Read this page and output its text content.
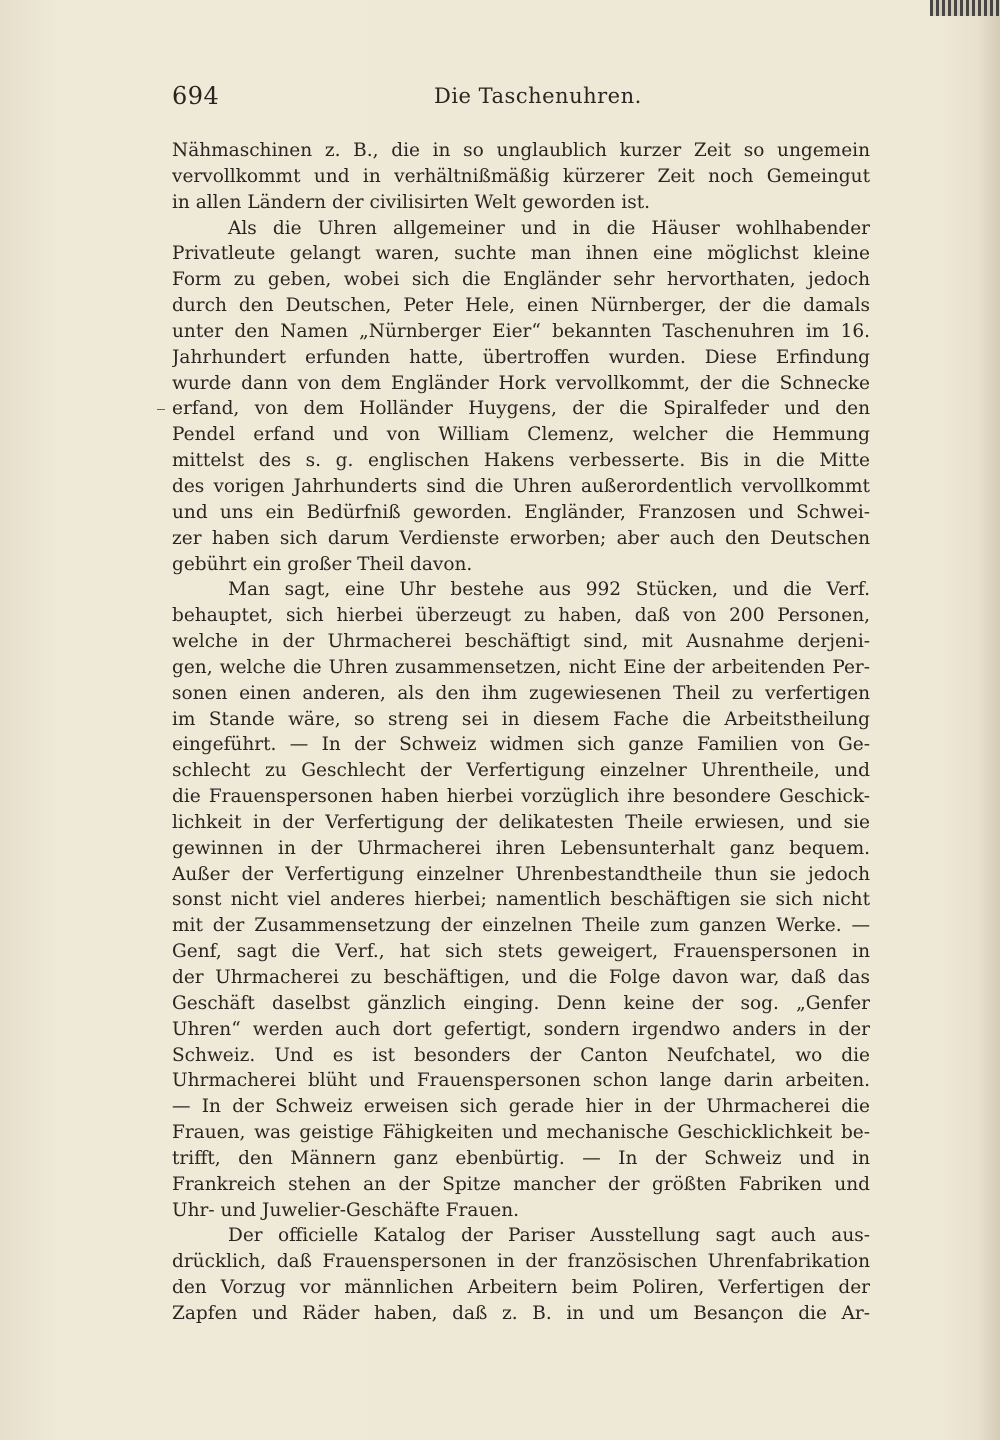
694	Die Taschenuhren.
Nähmaschinen z. B., die in so unglaublich kurzer Zeit so ungemein
vervollkommt und in verhältnißmäßig kürzerer Zeit noch Gemeingut
in allen Ländern der civilisirten Welt geworden ist.
Als die Uhren allgemeiner und in die Häuser wohlhabender
Privatleute gelangt waren, suchte man ihnen eine möglichst kleine
Form zu geben, wobei sich die Engländer sehr hervorthaten, jedoch
durch den Deutschen, Peter Hele, einen Nürnberger, der die damals
unter den Namen „Nürnberger Eier“ bekannten Taschenuhren im 16.
Jahrhundert erfunden hatte, übertroffen wurden. Diese Erfindung
wurde dann von dem Engländer Hork vervollkommt, der die Schnecke
erfand, von dem Holländer Huygens, der die Spiralfeder und den
Pendel erfand und von William Clemenz, welcher die Hemmung
mittelst des s. g. englischen Hakens verbesserte. Bis in die Mitte
des vorigen Jahrhunderts sind die Uhren außerordentlich vervollkommt
und uns ein Bedürfniß geworden. Engländer, Franzosen und Schwei-
zer haben sich darum Verdienste erworben; aber auch den Deutschen
gebührt ein großer Theil davon.
Man sagt, eine Uhr bestehe aus 992 Stücken, und die Verf.
behauptet, sich hierbei überzeugt zu haben, daß von 200 Personen,
welche in der Uhrmacherei beschäftigt sind, mit Ausnahme derjeni-
gen, welche die Uhren zusammensetzen, nicht Eine der arbeitenden Per-
sonen einen anderen, als den ihm zugewiesenen Theil zu verfertigen
im Stande wäre, so streng sei in diesem Fache die Arbeitstheilung
eingeführt. — In der Schweiz widmen sich ganze Familien von Ge-
schlecht zu Geschlecht der Verfertigung einzelner Uhrentheile, und
die Frauenspersonen haben hierbei vorzüglich ihre besondere Geschick-
lichkeit in der Verfertigung der delikatesten Theile erwiesen, und sie
gewinnen in der Uhrmacherei ihren Lebensunterhalt ganz bequem.
Außer der Verfertigung einzelner Uhrenbestandtheile thun sie jedoch
sonst nicht viel anderes hierbei; namentlich beschäftigen sie sich nicht
mit der Zusammensetzung der einzelnen Theile zum ganzen Werke. —
Genf, sagt die Verf., hat sich stets geweigert, Frauenspersonen in
der Uhrmacherei zu beschäftigen, und die Folge davon war, daß das
Geschäft daselbst gänzlich einging. Denn keine der sog. „Genfer
Uhren“ werden auch dort gefertigt, sondern irgendwo anders in der
Schweiz. Und es ist besonders der Canton Neufchatel, wo die
Uhrmacherei blüht und Frauenspersonen schon lange darin arbeiten.
— In der Schweiz erweisen sich gerade hier in der Uhrmacherei die
Frauen, was geistige Fähigkeiten und mechanische Geschicklichkeit be-
trifft, den Männern ganz ebenbürtig. — In der Schweiz und in
Frankreich stehen an der Spitze mancher der größten Fabriken und
Uhr- und Juwelier-Geschäfte Frauen.
Der officielle Katalog der Pariser Ausstellung sagt auch aus-
drücklich, daß Frauenspersonen in der französischen Uhrenfabrikation
den Vorzug vor männlichen Arbeitern beim Poliren, Verfertigen der
Zapfen und Räder haben, daß z. B. in und um Besançon die Ar-
